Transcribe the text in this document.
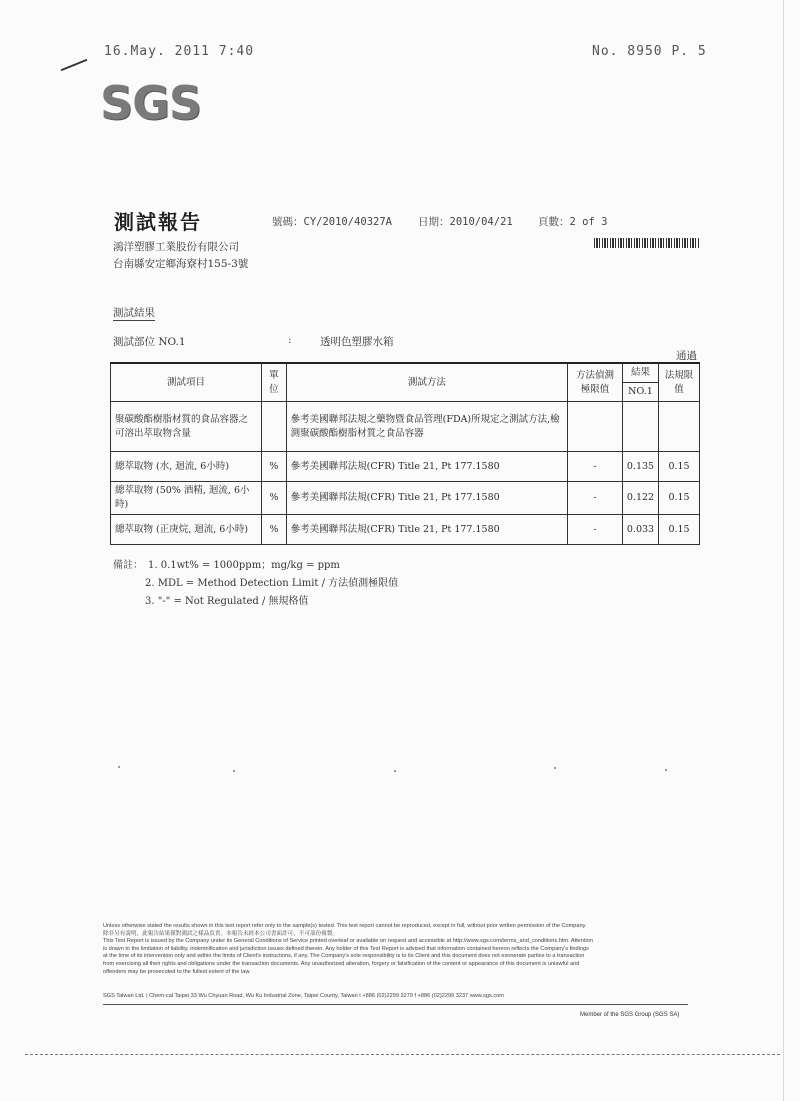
16.May. 2011 7:40	No. 8950 P. 5
SGS
測試報告	號碼：CY/2010/40327A 日期：2010/04/21 頁數：2 of 3
鴻洋塑膠工業股份有限公司
台南縣安定鄉海寮村155-3號
測試結果
測試部位 NO.1	:	透明色塑膠水箱
通過
測試項目	單位	測試方法	方法偵測極限值	結果	法規限值
				NO.1	
聚碳酸酯樹脂材質的食品容器之可溶出萃取物含量		參考美國聯邦法規之藥物暨食品管理(FDA)所規定之測試方法,檢測聚碳酸酯樹脂材質之食品容器			
總萃取物 (水, 迴流, 6小時)	%	參考美國聯邦法規(CFR) Title 21, Pt 177.1580	-	0.135	0.15
總萃取物 (50% 酒精, 迴流, 6小時)	%	參考美國聯邦法規(CFR) Title 21, Pt 177.1580	-	0.122	0.15
總萃取物 (正庚烷, 迴流, 6小時)	%	參考美國聯邦法規(CFR) Title 21, Pt 177.1580	-	0.033	0.15
備註： 1. 0.1wt% = 1000ppm；mg/kg = ppm
2. MDL = Method Detection Limit / 方法偵測極限值
3. "-" = Not Regulated / 無規格值
Unless otherwise stated the results shown in this test report refer only to the sample(s) tested. This test report cannot be reproduced, except in full, without prior written permission of the Company.
除非另有說明，此報告結果僅對測試之樣品負責。本報告未經本公司書面許可，不可部份複製。
This Test Report is issued by the Company under its General Conditions of Service printed overleaf or available on request and accessible at http://www.sgs.com/terms_and_conditions.htm. Attention
is drawn to the limitation of liability, indemnification and jurisdiction issues defined therein. Any holder of this Test Report is advised that information contained hereon reflects the Company's findings
at the time of its intervention only and within the limits of Client's instructions, if any. The Company's sole responsibility is to its Client and this document does not exonerate parties to a transaction
from exercising all their rights and obligations under the transaction documents. Any unauthorized alteration, forgery or falsification of the content or appearance of this document is unlawful and
offenders may be prosecuted to the fullest extent of the law.
SGS Taiwan Ltd. | Chem-cal Taipei 33 Wu Chyuan Road, Wu Ku Industrial Zone, Taipei County, Taiwan t +886 (02)2299 3279 f +886 (02)2299 3237 www.sgs.com
Member of the SGS Group (SGS SA)
